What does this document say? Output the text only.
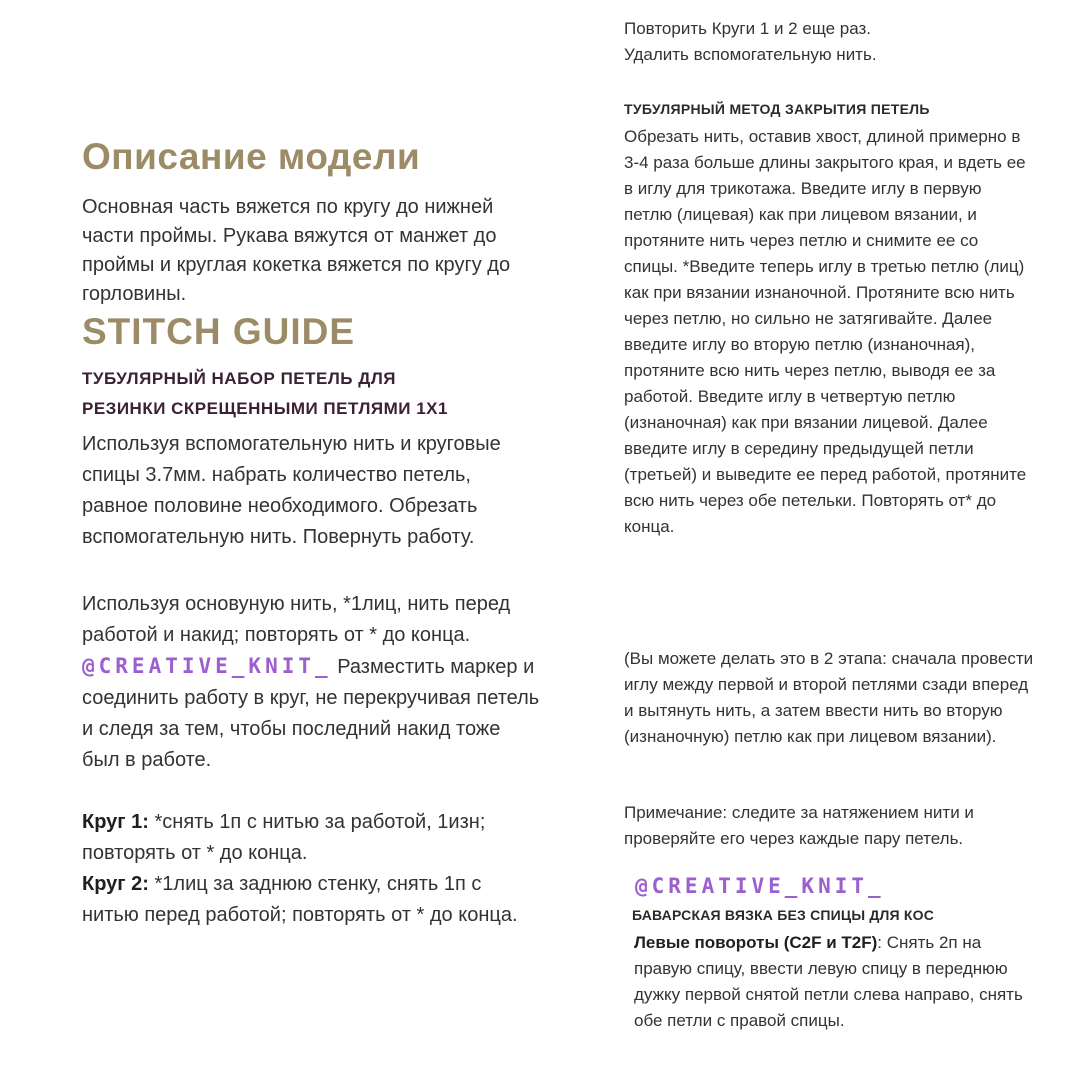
Описание модели
Основная часть вяжется по кругу до нижней части проймы. Рукава вяжутся от манжет до проймы и круглая кокетка вяжется по кругу до горловины.
STITCH GUIDE
ТУБУЛЯРНЫЙ НАБОР ПЕТЕЛЬ ДЛЯ
РЕЗИНКИ СКРЕЩЕННЫМИ ПЕТЛЯМИ 1Х1
Используя вспомогательную нить и круговые спицы 3.7мм. набрать количество петель, равное половине необходимого. Обрезать вспомогательную нить. Повернуть работу.
Используя основуную нить, *1лиц, нить перед работой и накид; повторять от * до конца. @CREATIVE_KNIT_ Разместить маркер и соединить работу в круг, не перекручивая петель и следя за тем, чтобы последний накид тоже был в работе.
Круг 1: *снять 1п с нитью за работой, 1изн; повторять от * до конца.
Круг 2: *1лиц за заднюю стенку, снять 1п с нитью перед работой; повторять от * до конца.
Повторить Круги 1 и 2 еще раз.
Удалить вспомогательную нить.
ТУБУЛЯРНЫЙ МЕТОД ЗАКРЫТИЯ ПЕТЕЛЬ
Обрезать нить, оставив хвост, длиной примерно в 3-4 раза больше длины закрытого края, и вдеть ее в иглу для трикотажа. Введите иглу в первую петлю (лицевая) как при лицевом вязании, и протяните нить через петлю и снимите ее со спицы. *Введите теперь иглу в третью петлю (лиц) как при вязании изнаночной. Протяните всю нить через петлю, но сильно не затягивайте. Далее введите иглу во вторую петлю (изнаночная), протяните всю нить через петлю, выводя ее за работой. Введите иглу в четвертую петлю (изнаночная) как при вязании лицевой. Далее введите иглу в середину предыдущей петли (третьей) и выведите ее перед работой, протяните всю нить через обе петельки. Повторять от* до конца.
(Вы можете делать это в 2 этапа: сначала провести иглу между первой и второй петлями сзади вперед и вытянуть нить, а затем ввести нить во вторую (изнаночную) петлю как при лицевом вязании).
Примечание: следите за натяжением нити и проверяйте его через каждые пару петель.
@CREATIVE_KNIT_
БАВАРСКАЯ ВЯЗКА БЕЗ СПИЦЫ ДЛЯ КОС
Левые повороты (C2F и T2F): Снять 2п на правую спицу, ввести левую спицу в переднюю дужку первой снятой петли слева направо, снять обе петли с правой спицы.
